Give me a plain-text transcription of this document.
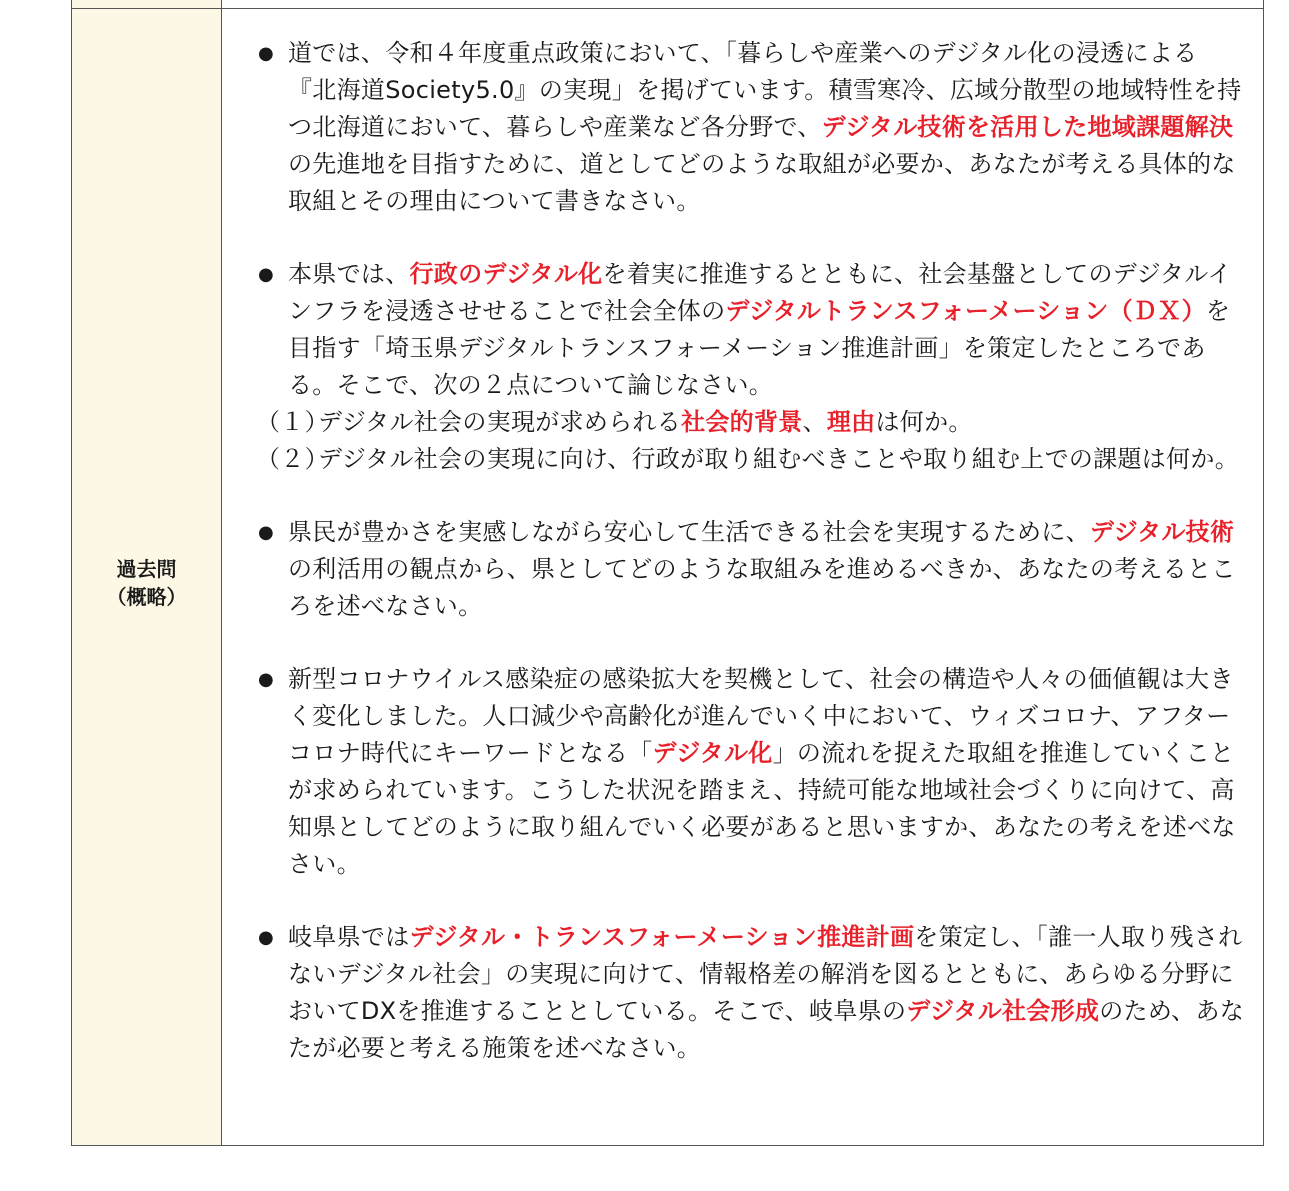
過去問
（概略）
● 道では、令和４年度重点政策において、「暮らしや産業へのデジタル化の浸透による『北海道Society5.0』の実現」を掲げています。積雪寒冷、広域分散型の地域特性を持つ北海道において、暮らしや産業など各分野で、デジタル技術を活用した地域課題解決の先進地を目指すために、道としてどのような取組が必要か、あなたが考える具体的な取組とその理由について書きなさい。
● 本県では、行政のデジタル化を着実に推進するとともに、社会基盤としてのデジタルインフラを浸透させせることで社会全体のデジタルトランスフォーメーション（ＤＸ）を目指す「埼玉県デジタルトランスフォーメーション推進計画」を策定したところである。そこで、次の２点について論じなさい。
（１）
デジタル社会の実現が求められる社会的背景、理由は何か。
（２）
デジタル社会の実現に向け、行政が取り組むべきことや取り組む上での課題は何か。
● 県民が豊かさを実感しながら安心して生活できる社会を実現するために、デジタル技術の利活用の観点から、県としてどのような取組みを進めるべきか、あなたの考えるところを述べなさい。
● 新型コロナウイルス感染症の感染拡大を契機として、社会の構造や人々の価値観は大きく変化しました。人口減少や高齢化が進んでいく中において、ウィズコロナ、アフターコロナ時代にキーワードとなる「デジタル化」の流れを捉えた取組を推進していくことが求められています。こうした状況を踏まえ、持続可能な地域社会づくりに向けて、高知県としてどのように取り組んでいく必要があると思いますか、あなたの考えを述べなさい。
● 岐阜県ではデジタル・トランスフォーメーション推進計画を策定し、「誰一人取り残されないデジタル社会」の実現に向けて、情報格差の解消を図るとともに、あらゆる分野においてDXを推進することとしている。そこで、岐阜県のデジタル社会形成のため、あなたが必要と考える施策を述べなさい。
